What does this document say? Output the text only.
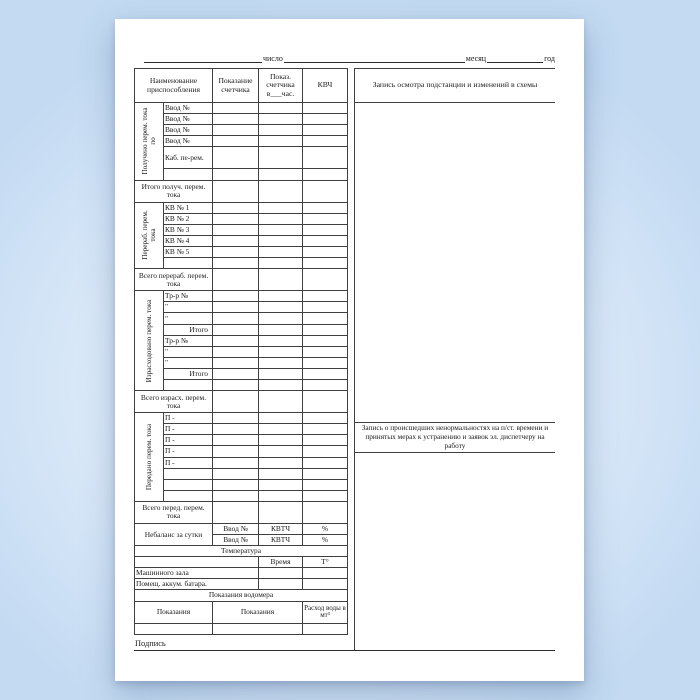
число	месяц	год
Наименование приспособления		Показание счетчика	Показ. счетчика в___час.	КВЧ

Получено перем. тока по	Ввод №			
	Ввод №			
	Ввод №			
	Ввод №			
	Каб. пе-рем.			

Итого получ. перем. тока				

Перераб. перем. тока	КВ № 1			
	КВ № 2			
	КВ № 3			
	КВ № 4			
	КВ № 5			

Всего перераб. перем. тока				

Израсходовано перем. тока	Тр-р №			
	"			
	"			
	Итого			
	Тр-р №			
	"			
	"			
	Итого			

Всего израсх. перем. тока				

Передано перем. тока	П -			
	П -			
	П -			
	П -			
	П -			

Всего перед. перем. тока				
Небаланс за сутки		Ввод №	КВТЧ	%
		Ввод №	КВТЧ	%
Температура				
			Время	Т°
Машинного зала				
Помещ. аккум. батара.				
Показания водомера				
Показания		Показания		Расход воды в мт³

Запись осмотра подстанции и изменений в схемы
Запись о происшедших ненормальностях на п/ст. времени и принятых мерах к устранению и заявок эл. диспетчеру на работу
Подпись
